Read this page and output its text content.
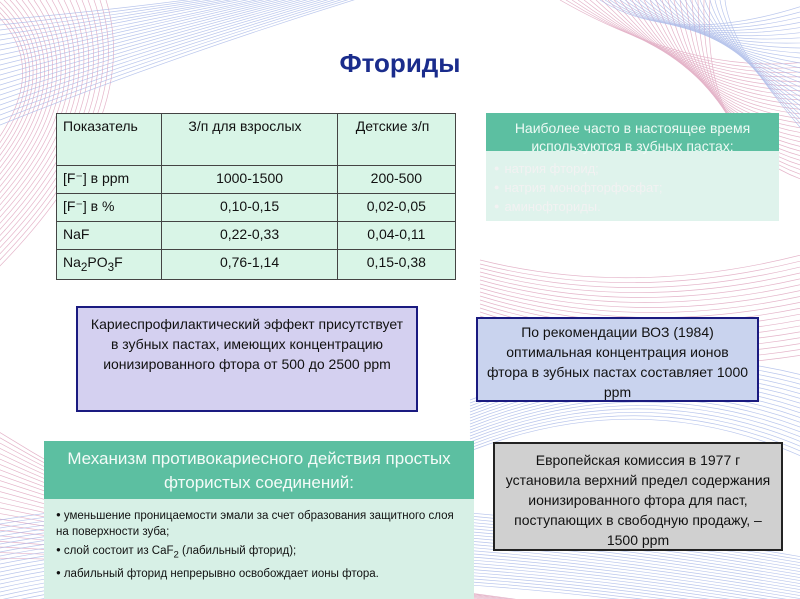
Фториды
Показатель	З/п для взрослых	Детские з/п
[F⁻] в ppm	1000-1500	200-500
[F⁻] в %	0,10-0,15	0,02-0,05
NaF	0,22-0,33	0,04-0,11
$Na_2PO_3F$	0,76-1,14	0,15-0,38
Наиболее часто в настоящее время используются в зубных пастах:
● натрия фторид;
● натрия монофторфосфат;
● аминофториды.
Кариеспрофилактический эффект присутствует в зубных пастах, имеющих концентрацию ионизированного фтора от 500 до 2500 ppm
По рекомендации ВОЗ (1984) оптимальная концентрация ионов фтора в зубных пастах составляет 1000 ppm
Механизм противокариесного действия простых фтористых соединений:
● уменьшение проницаемости эмали за счет образования защитного слоя на поверхности зуба;
● слой состоит из CaF$_2$ (лабильный фторид);
● лабильный фторид непрерывно освобождает ионы фтора.
Европейская комиссия в 1977 г установила верхний предел содержания ионизированного фтора для паст, поступающих в свободную продажу, – 1500 ppm
